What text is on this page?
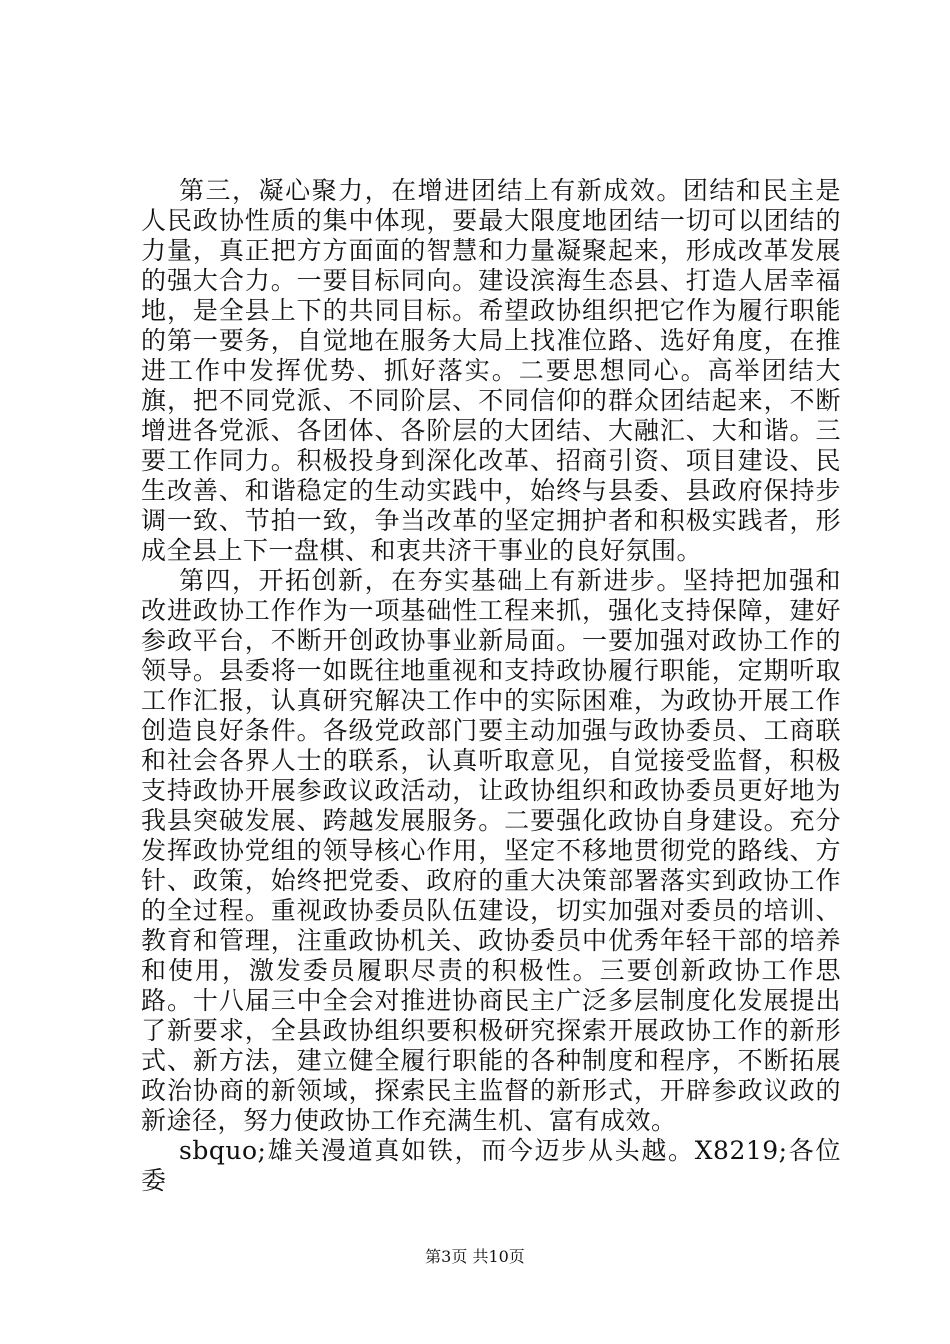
第三，凝心聚力，在增进团结上有新成效。团结和民主是人民政协性质的集中体现，要最大限度地团结一切可以团结的力量，真正把方方面面的智慧和力量凝聚起来，形成改革发展的强大合力。一要目标同向。建设滨海生态县、打造人居幸福地，是全县上下的共同目标。希望政协组织把它作为履行职能的第一要务，自觉地在服务大局上找准位路、选好角度，在推进工作中发挥优势、抓好落实。二要思想同心。高举团结大旗，把不同党派、不同阶层、不同信仰的群众团结起来，不断增进各党派、各团体、各阶层的大团结、大融汇、大和谐。三要工作同力。积极投身到深化改革、招商引资、项目建设、民生改善、和谐稳定的生动实践中，始终与县委、县政府保持步调一致、节拍一致，争当改革的坚定拥护者和积极实践者，形成全县上下一盘棋、和衷共济干事业的良好氛围。

第四，开拓创新，在夯实基础上有新进步。坚持把加强和改进政协工作作为一项基础性工程来抓，强化支持保障，建好参政平台，不断开创政协事业新局面。一要加强对政协工作的领导。县委将一如既往地重视和支持政协履行职能，定期听取工作汇报，认真研究解决工作中的实际困难，为政协开展工作创造良好条件。各级党政部门要主动加强与政协委员、工商联和社会各界人士的联系，认真听取意见，自觉接受监督，积极支持政协开展参政议政活动，让政协组织和政协委员更好地为我县突破发展、跨越发展服务。二要强化政协自身建设。充分发挥政协党组的领导核心作用，坚定不移地贯彻党的路线、方针、政策，始终把党委、政府的重大决策部署落实到政协工作的全过程。重视政协委员队伍建设，切实加强对委员的培训、教育和管理，注重政协机关、政协委员中优秀年轻干部的培养和使用，激发委员履职尽责的积极性。三要创新政协工作思路。十八届三中全会对推进协商民主广泛多层制度化发展提出了新要求，全县政协组织要积极研究探索开展政协工作的新形式、新方法，建立健全履行职能的各种制度和程序，不断拓展政治协商的新领域，探索民主监督的新形式，开辟参政议政的新途径，努力使政协工作充满生机、富有成效。

sbquo;雄关漫道真如铁，而今迈步从头越。X8219;各位委

第3页 共10页
